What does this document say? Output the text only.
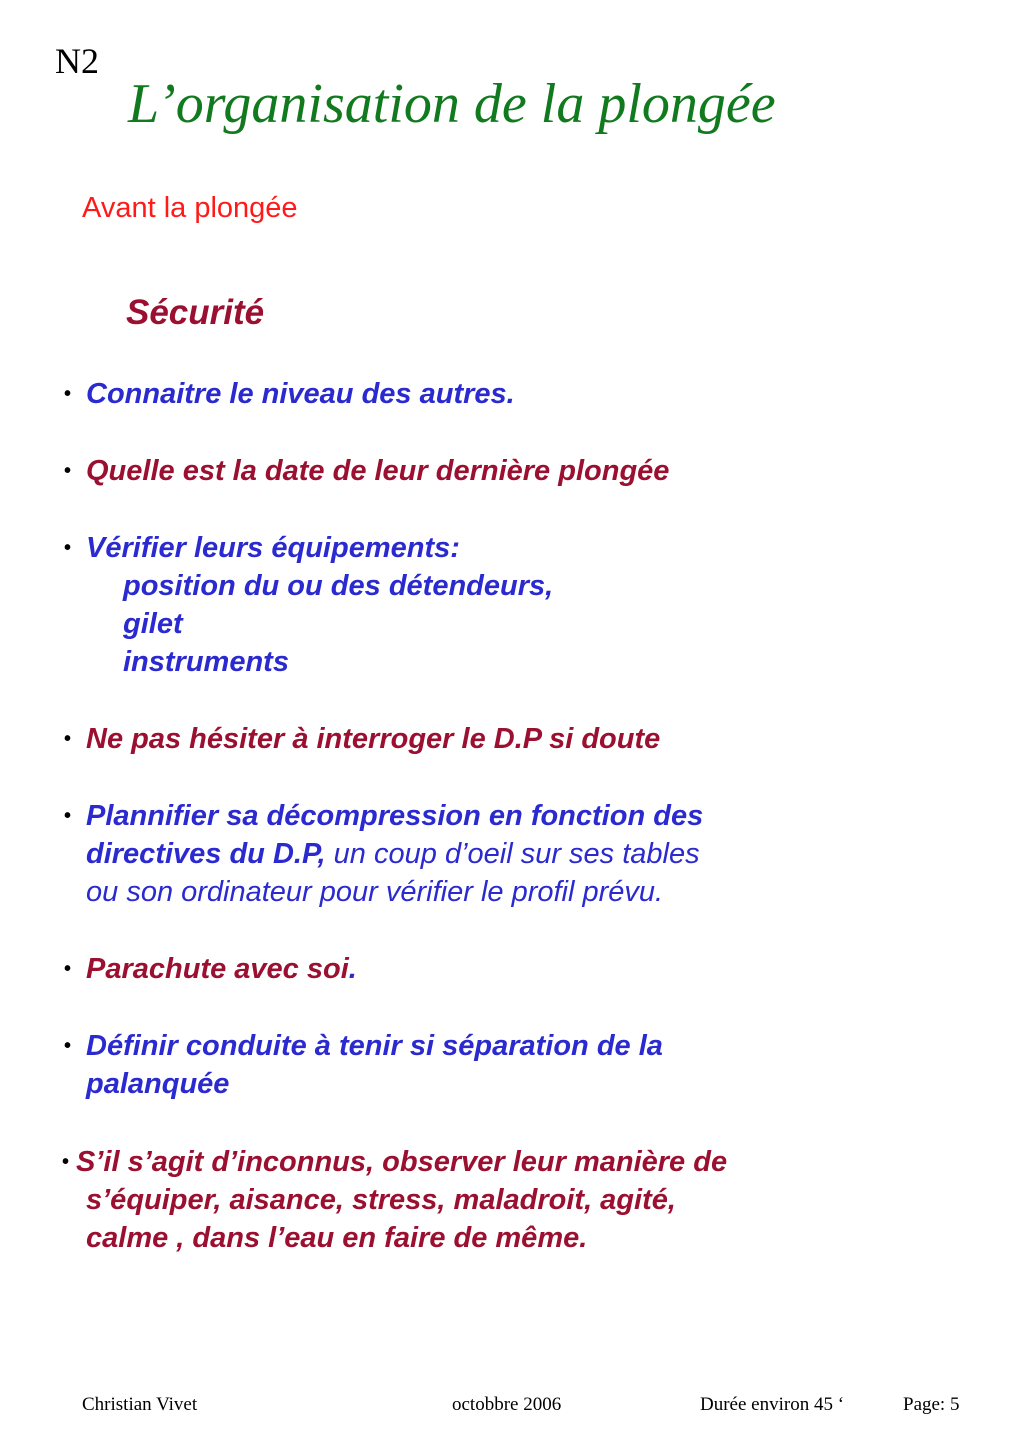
N2
L’organisation de la plongée
Avant la plongée
Sécurité
• Connaitre le niveau des autres.
• Quelle est la date de leur dernière plongée
• Vérifier leurs équipements:
position du ou des détendeurs,
gilet
instruments
• Ne pas hésiter à interroger le D.P si doute
• Plannifier sa décompression en fonction des
directives du D.P, un coup d’oeil sur ses tables
ou son ordinateur pour vérifier le profil prévu.
• Parachute avec soi.
• Définir conduite à tenir si séparation de la
palanquée
• S’il s’agit d’inconnus, observer leur manière de
s’équiper, aisance, stress, maladroit, agité,
calme , dans l’eau en faire de même.
Christian Vivet	octobbre 2006	Durée environ 45 ‘	Page: 5
